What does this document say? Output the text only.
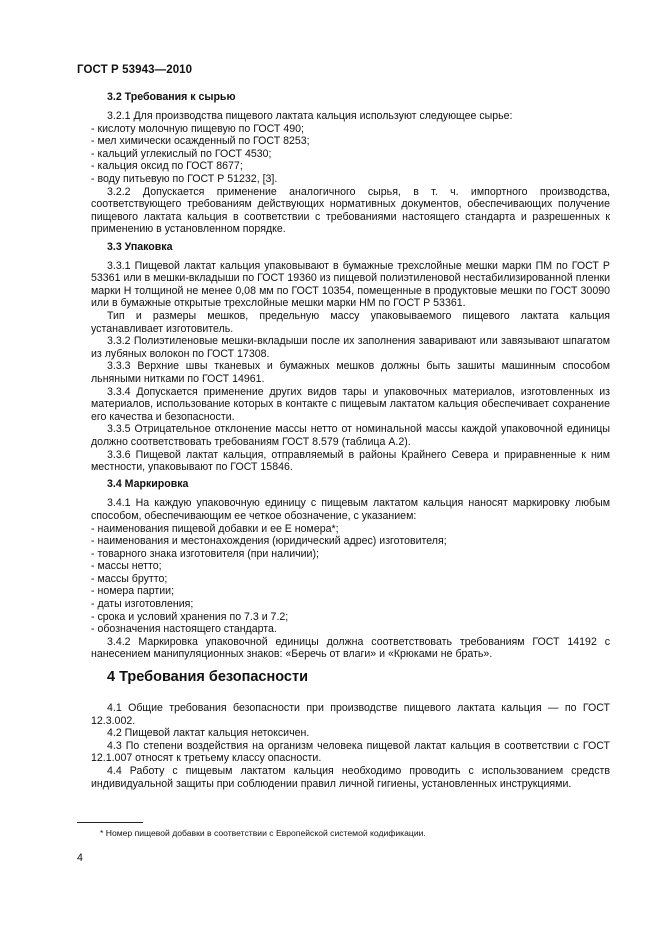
ГОСТ Р 53943—2010
3.2 Требования к сырью

3.2.1 Для производства пищевого лактата кальция используют следующее сырье:

- кислоту молочную пищевую по ГОСТ 490;
- мел химически осажденный по ГОСТ 8253;
- кальций углекислый по ГОСТ 4530;
- кальция оксид по ГОСТ 8677;
- воду питьевую по ГОСТ Р 51232, [3].

3.2.2 Допускается применение аналогичного сырья, в т. ч. импортного производства, соответствующего требованиям действующих нормативных документов, обеспечивающих получение пищевого лактата кальция в соответствии с требованиями настоящего стандарта и разрешенных к применению в установленном порядке.

3.3 Упаковка

3.3.1 Пищевой лактат кальция упаковывают в бумажные трехслойные мешки марки ПМ по ГОСТ Р 53361 или в мешки-вкладыши по ГОСТ 19360 из пищевой полиэтиленовой нестабилизированной пленки марки Н толщиной не менее 0,08 мм по ГОСТ 10354, помещенные в продуктовые мешки по ГОСТ 30090 или в бумажные открытые трехслойные мешки марки НМ по ГОСТ Р 53361.

Тип и размеры мешков, предельную массу упаковываемого пищевого лактата кальция устанавливает изготовитель.

3.3.2 Полиэтиленовые мешки-вкладыши после их заполнения заваривают или завязывают шпагатом из лубяных волокон по ГОСТ 17308.

3.3.3 Верхние швы тканевых и бумажных мешков должны быть зашиты машинным способом льняными нитками по ГОСТ 14961.

3.3.4 Допускается применение других видов тары и упаковочных материалов, изготовленных из материалов, использование которых в контакте с пищевым лактатом кальция обеспечивает сохранение его качества и безопасности.

3.3.5 Отрицательное отклонение массы нетто от номинальной массы каждой упаковочной единицы должно соответствовать требованиям ГОСТ 8.579 (таблица А.2).

3.3.6 Пищевой лактат кальция, отправляемый в районы Крайнего Севера и приравненные к ним местности, упаковывают по ГОСТ 15846.

3.4 Маркировка

3.4.1 На каждую упаковочную единицу с пищевым лактатом кальция наносят маркировку любым способом, обеспечивающим ее четкое обозначение, с указанием:

- наименования пищевой добавки и ее Е номера*;
- наименования и местонахождения (юридический адрес) изготовителя;
- товарного знака изготовителя (при наличии);
- массы нетто;
- массы брутто;
- номера партии;
- даты изготовления;
- срока и условий хранения по 7.3 и 7.2;
- обозначения настоящего стандарта.

3.4.2 Маркировка упаковочной единицы должна соответствовать требованиям ГОСТ 14192 с нанесением манипуляционных знаков: «Беречь от влаги» и «Крюками не брать».

4 Требования безопасности

4.1 Общие требования безопасности при производстве пищевого лактата кальция — по ГОСТ 12.3.002.

4.2 Пищевой лактат кальция нетоксичен.

4.3 По степени воздействия на организм человека пищевой лактат кальция в соответствии с ГОСТ 12.1.007 относят к третьему классу опасности.

4.4 Работу с пищевым лактатом кальция необходимо проводить с использованием средств индивидуальной защиты при соблюдении правил личной гигиены, установленных инструкциями.

* Номер пищевой добавки в соответствии с Европейской системой кодификации.
4
